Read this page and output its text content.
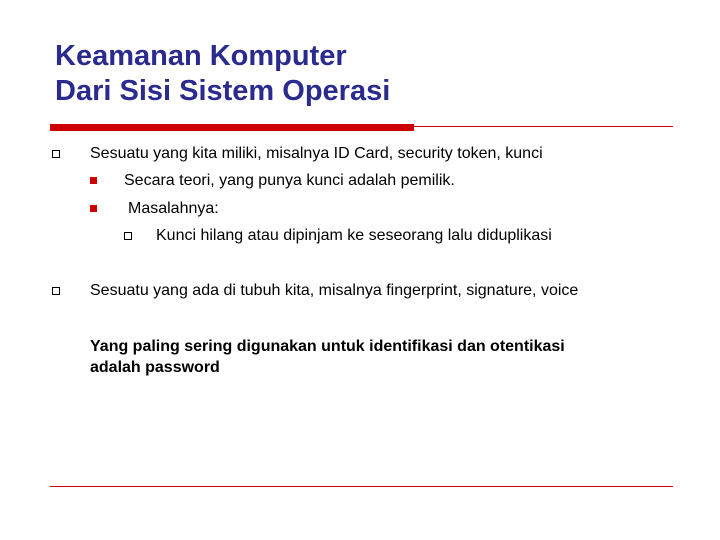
Keamanan Komputer
Dari Sisi Sistem Operasi
Sesuatu yang kita miliki, misalnya ID Card, security token, kunci
Secara teori, yang punya kunci adalah pemilik.
Masalahnya:
Kunci hilang atau dipinjam ke seseorang lalu diduplikasi
Sesuatu yang ada di tubuh kita, misalnya fingerprint, signature, voice
Yang paling sering digunakan untuk identifikasi dan otentikasi
adalah password
